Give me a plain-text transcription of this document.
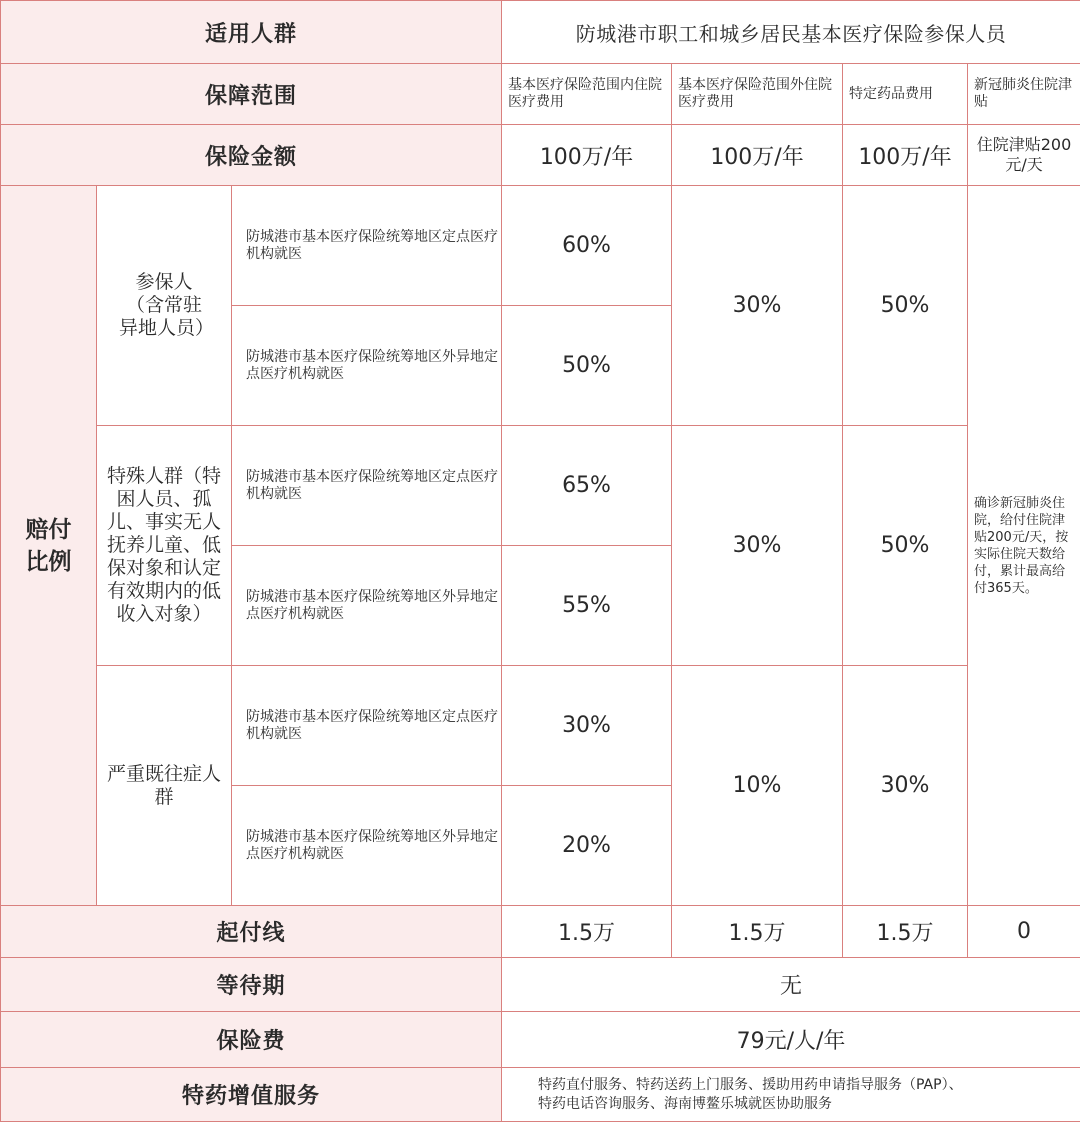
适用人群			防城港市职工和城乡居民基本医疗保险参保人员			
保障范围			基本医疗保险范围内住院医疗费用	基本医疗保险范围外住院医疗费用	特定药品费用	新冠肺炎住院津贴
保险金额			100万/年	100万/年	100万/年	住院津贴200元/天

赔付比例	参保人（含常驻异地人员）	防城港市基本医疗保险统筹地区定点医疗机构就医	60%	30%	50%	确诊新冠肺炎住院，给付住院津贴200元/天，按实际住院天数给付，累计最高给付365天。
		防城港市基本医疗保险统筹地区外异地定点医疗机构就医	50%			

	特殊人群（特困人员、孤儿、事实无人抚养儿童、低保对象和认定有效期内的低收入对象）	防城港市基本医疗保险统筹地区定点医疗机构就医	65%	30%	50%	
		防城港市基本医疗保险统筹地区外异地定点医疗机构就医	55%			

	严重既往症人群	防城港市基本医疗保险统筹地区定点医疗机构就医	30%	10%	30%	
		防城港市基本医疗保险统筹地区外异地定点医疗机构就医	20%			
起付线			1.5万	1.5万	1.5万	0
等待期			无			
保险费			79元/人/年			
特药增值服务			特药直付服务、特药送药上门服务、援助用药申请指导服务（PAP）、
特药电话咨询服务、海南博鳌乐城就医协助服务			
